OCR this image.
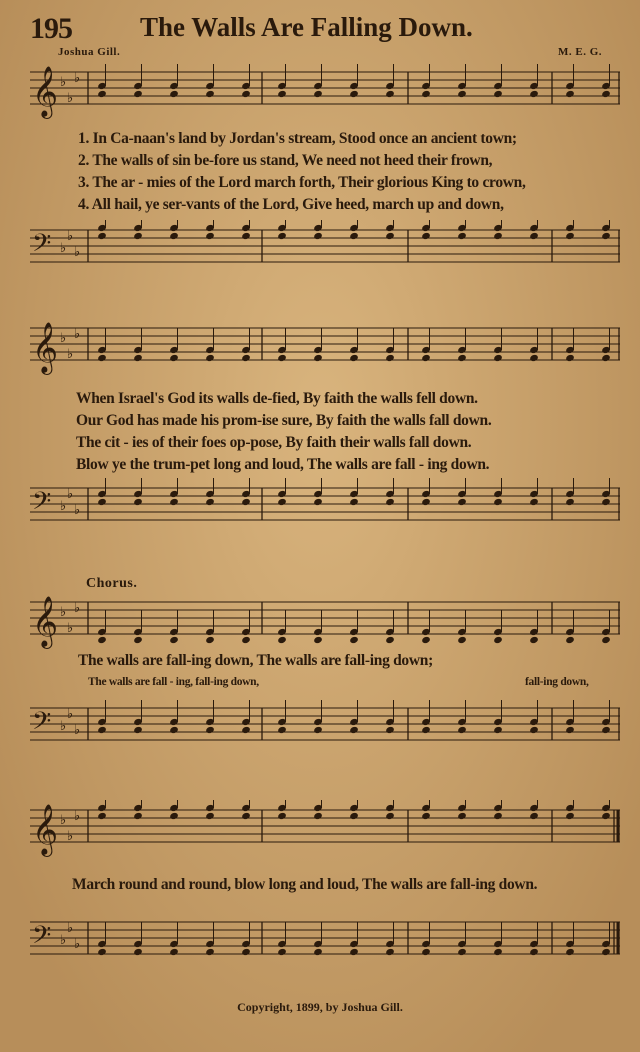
195	The Walls Are Falling Down.
Joshua Gill.	M. E. G.
𝄞 ♭
♭
♭
1. In Ca-naan's land by Jordan's stream, Stood once an ancient town;
2. The walls of sin be-fore us stand, We need not heed their frown,
3. The ar - mies of the Lord march forth, Their glorious King to crown,
4. All hail, ye ser-vants of the Lord, Give heed, march up and down,
𝄢 ♭
♭
♭
𝄞 ♭
♭
♭
When Israel's God its walls de-fied, By faith the walls fell down.
Our God has made his prom-ise sure, By faith the walls fall down.
The cit - ies of their foes op-pose, By faith their walls fall down.
Blow ye the trum-pet long and loud, The walls are fall - ing down.
𝄢 ♭
♭
♭
Chorus.
𝄞 ♭
♭
♭
The walls are fall-ing down, The walls are fall-ing down;
The walls are fall - ing, fall-ing down,	fall-ing down,
𝄢 ♭
♭
♭
𝄞 ♭
♭
♭
March round and round, blow long and loud, The walls are fall-ing down.
𝄢 ♭
♭
♭
Copyright, 1899, by Joshua Gill.
